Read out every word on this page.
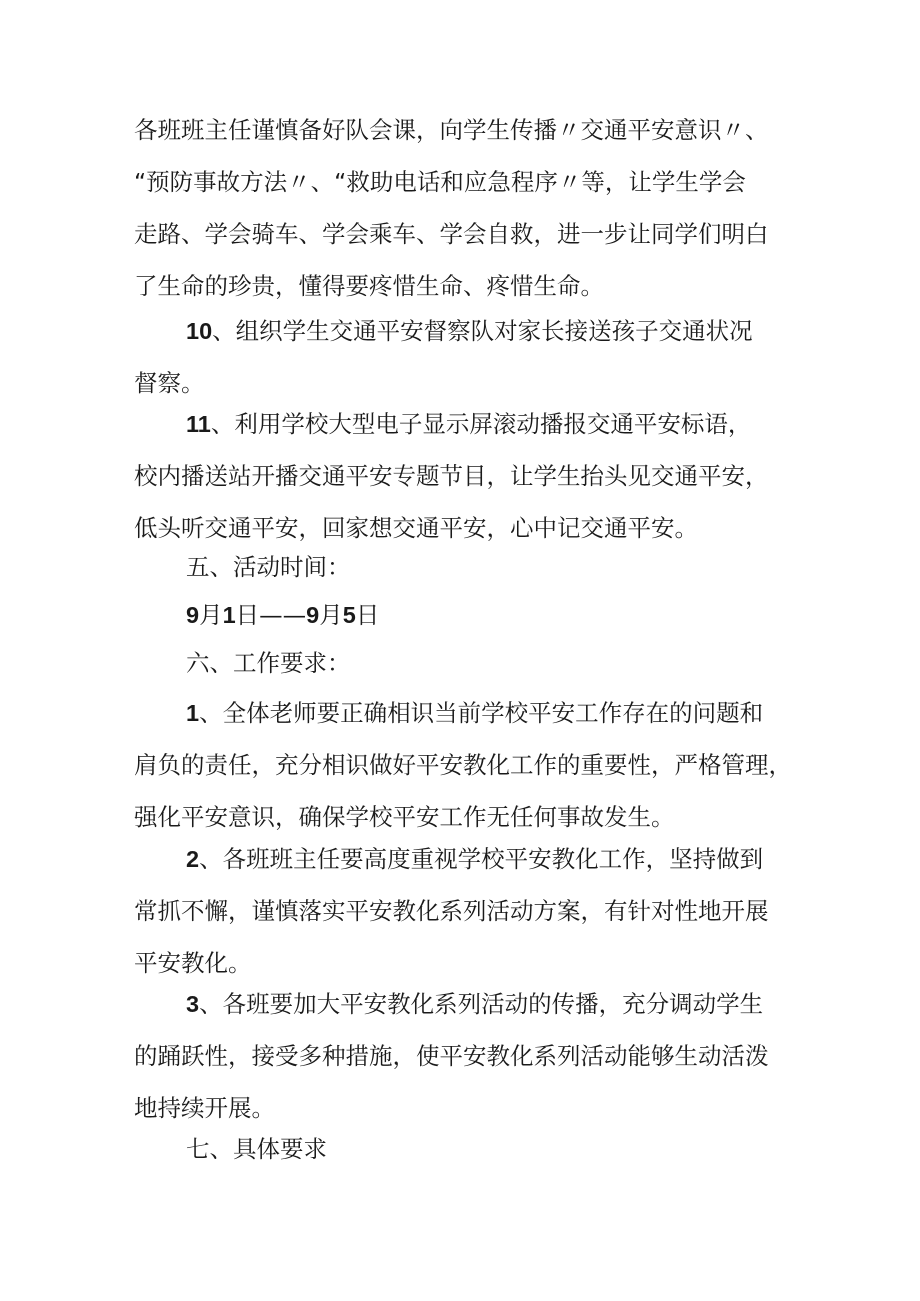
各班班主任谨慎备好队会课，向学生传播〃交通平安意识〃、
“预防事故方法〃、“救助电话和应急程序〃等，让学生学会
走路、学会骑车、学会乘车、学会自救，进一步让同学们明白
了生命的珍贵，懂得要疼惜生命、疼惜生命。

10、组织学生交通平安督察队对家长接送孩子交通状况
督察。

11、利用学校大型电子显示屏滚动播报交通平安标语，
校内播送站开播交通平安专题节目，让学生抬头见交通平安，
低头听交通平安，回家想交通平安，心中记交通平安。

五、活动时间：

9月1日——9月5日

六、工作要求：

1、全体老师要正确相识当前学校平安工作存在的问题和
肩负的责任，充分相识做好平安教化工作的重要性，严格管理，
强化平安意识，确保学校平安工作无任何事故发生。

2、各班班主任要高度重视学校平安教化工作，坚持做到
常抓不懈，谨慎落实平安教化系列活动方案，有针对性地开展
平安教化。

3、各班要加大平安教化系列活动的传播，充分调动学生
的踊跃性，接受多种措施，使平安教化系列活动能够生动活泼
地持续开展。

七、具体要求
